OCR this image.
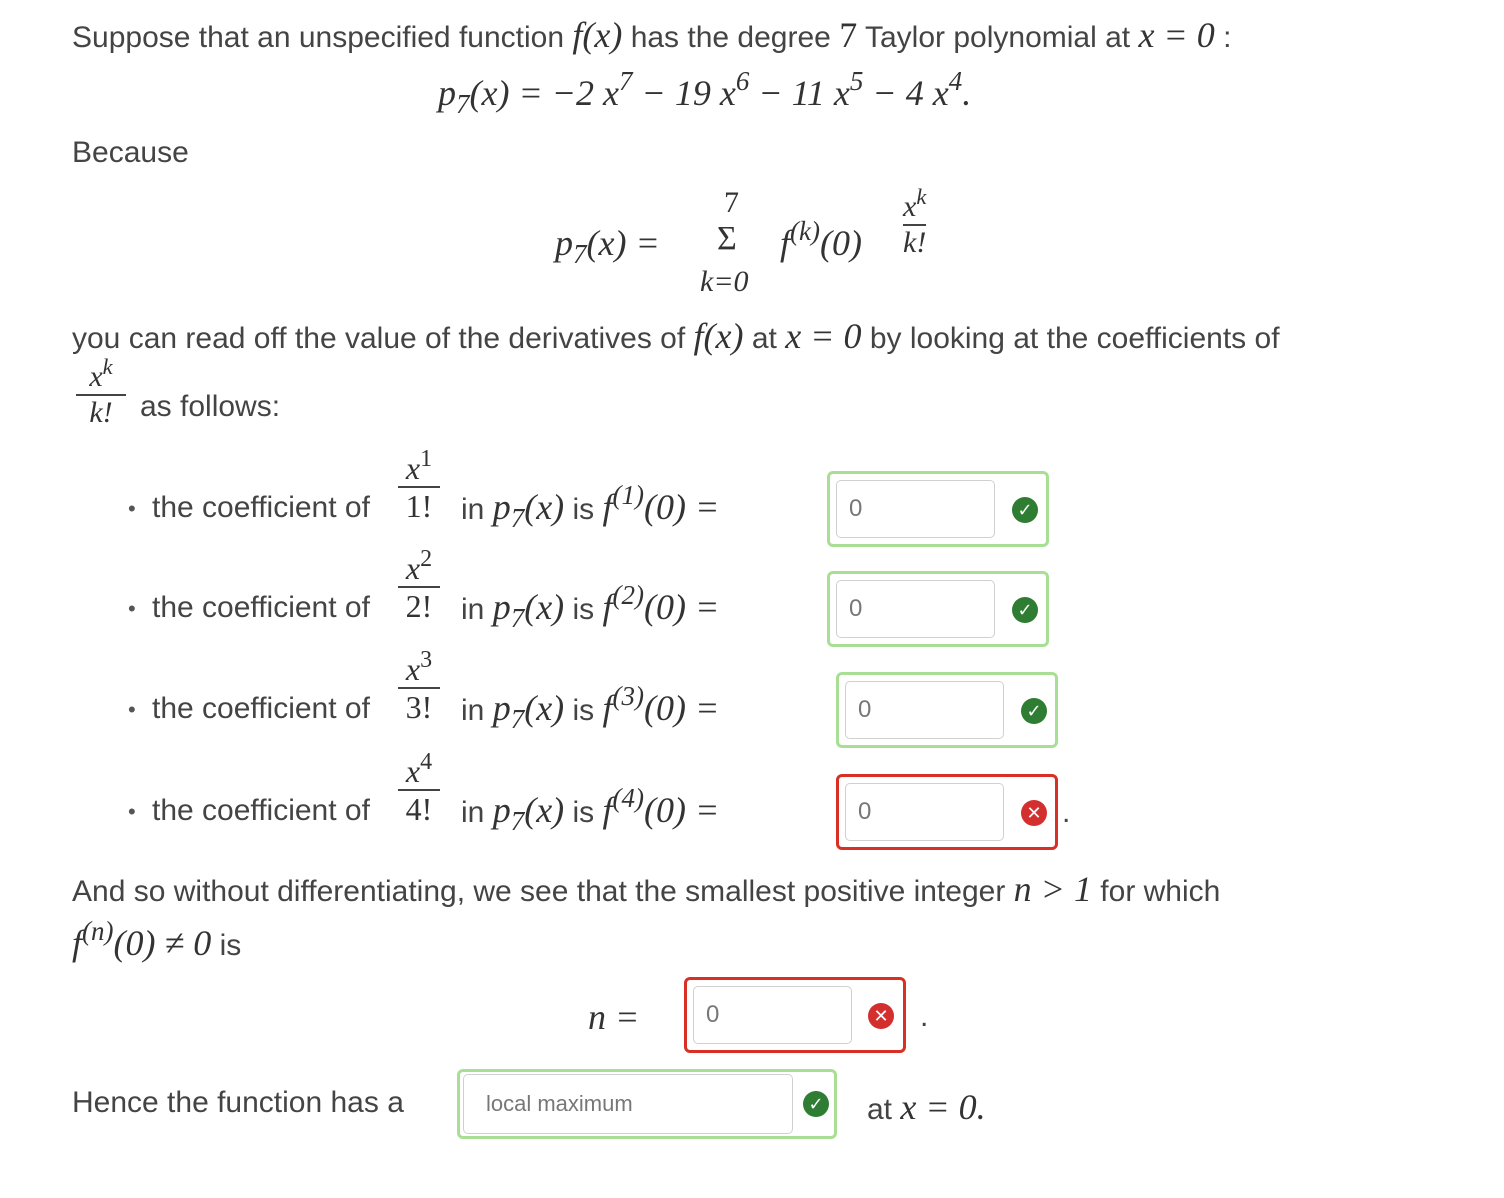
Suppose that an unspecified function f(x) has the degree 7 Taylor polynomial at x = 0 :
$p_7(x) = -2$ $x^7 - 19$ $x^6 - 11$ $x^5 - 4$ $x^4$.
Because
$p_7(x)$ =
7
Σ
k=0
$f^{(k)}(0)$
$x^k$
k!
you can read off the value of the derivatives of f(x) at x = 0 by looking at the coefficients of
$x^k$
k! as follows:
• the coefficient of
$x^1$
1! in $p_7(x)$ is $f^{(1)}(0)$ =	0	✓
• the coefficient of
$x^2$
2! in $p_7(x)$ is $f^{(2)}(0)$ =	0	✓
• the coefficient of
$x^3$
3! in $p_7(x)$ is $f^{(3)}(0)$ =	0	✓
• the coefficient of
$x^4$
4! in $p_7(x)$ is $f^{(4)}(0)$ =	0	✕ .
And so without differentiating, we see that the smallest positive integer n > 1 for which
$f^{(n)}(0) \ne 0$ is
n =	0	✕ .
Hence the function has a	local maximum	✓ at x = 0.
